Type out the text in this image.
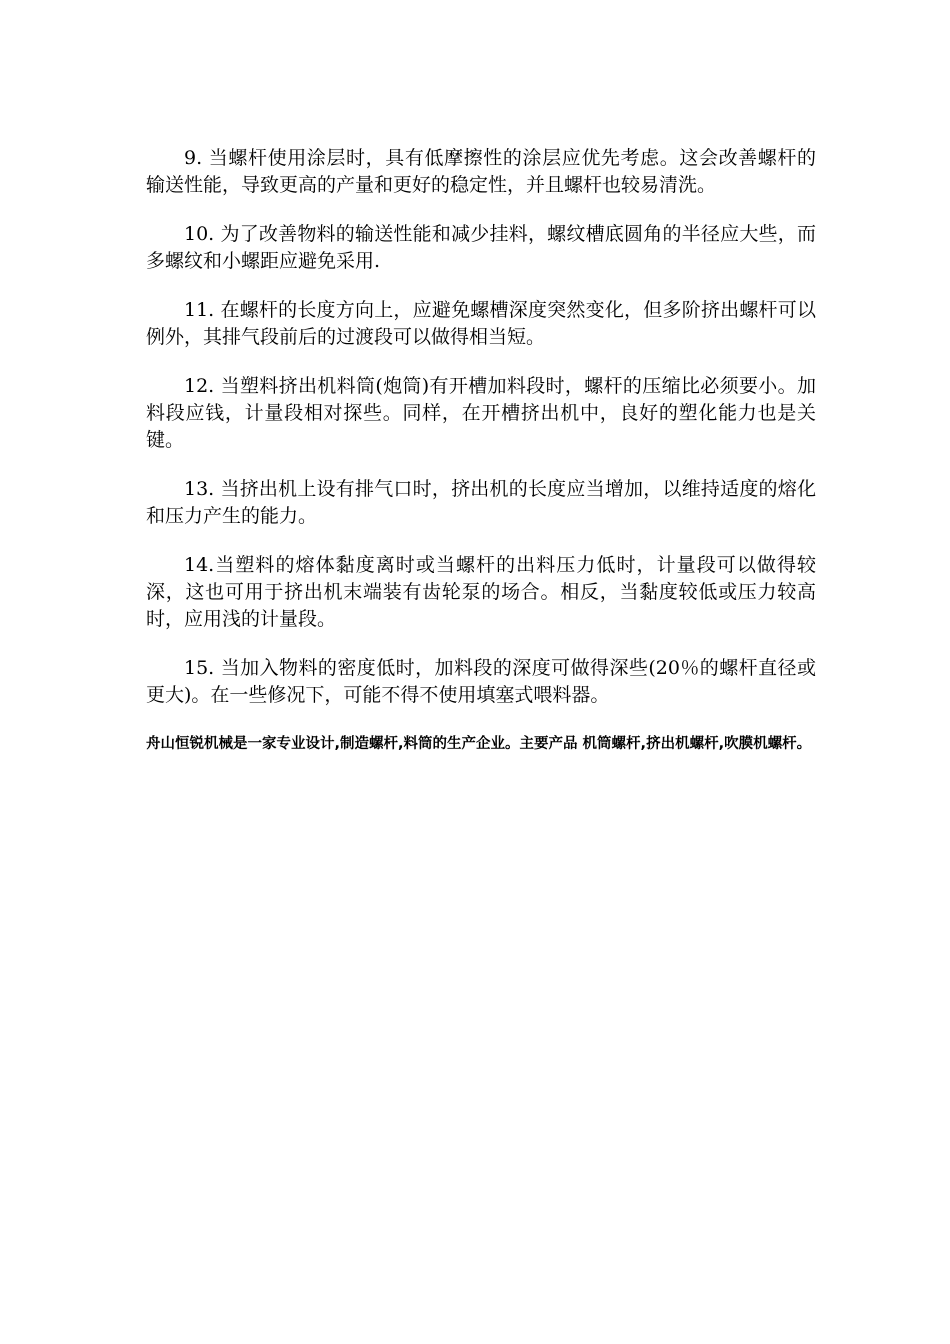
9. 当螺杆使用涂层时，具有低摩擦性的涂层应优先考虑。这会改善螺杆的输送性能，导致更高的产量和更好的稳定性，并且螺杆也较易清洗。

10. 为了改善物料的输送性能和减少挂料，螺纹槽底圆角的半径应大些，而多螺纹和小螺距应避免采用.

11. 在螺杆的长度方向上，应避免螺槽深度突然变化，但多阶挤出螺杆可以例外，其排气段前后的过渡段可以做得相当短。

12. 当塑料挤出机料筒(炮筒)有开槽加料段时，螺杆的压缩比必须要小。加料段应钱，计量段相对探些。同样，在开槽挤出机中，良好的塑化能力也是关键。

13. 当挤出机上设有排气口时，挤出机的长度应当增加，以维持适度的熔化和压力产生的能力。

14.当塑料的熔体黏度离时或当螺杆的出料压力低时，计量段可以做得较深，这也可用于挤出机末端装有齿轮泵的场合。相反，当黏度较低或压力较高时，应用浅的计量段。

15. 当加入物料的密度低时，加料段的深度可做得深些(20％的螺杆直径或更大)。在一些修况下，可能不得不使用填塞式喂料器。

舟山恒锐机械是一家专业设计,制造螺杆,料筒的生产企业。主要产品 机筒螺杆,挤出机螺杆,吹膜机螺杆。
